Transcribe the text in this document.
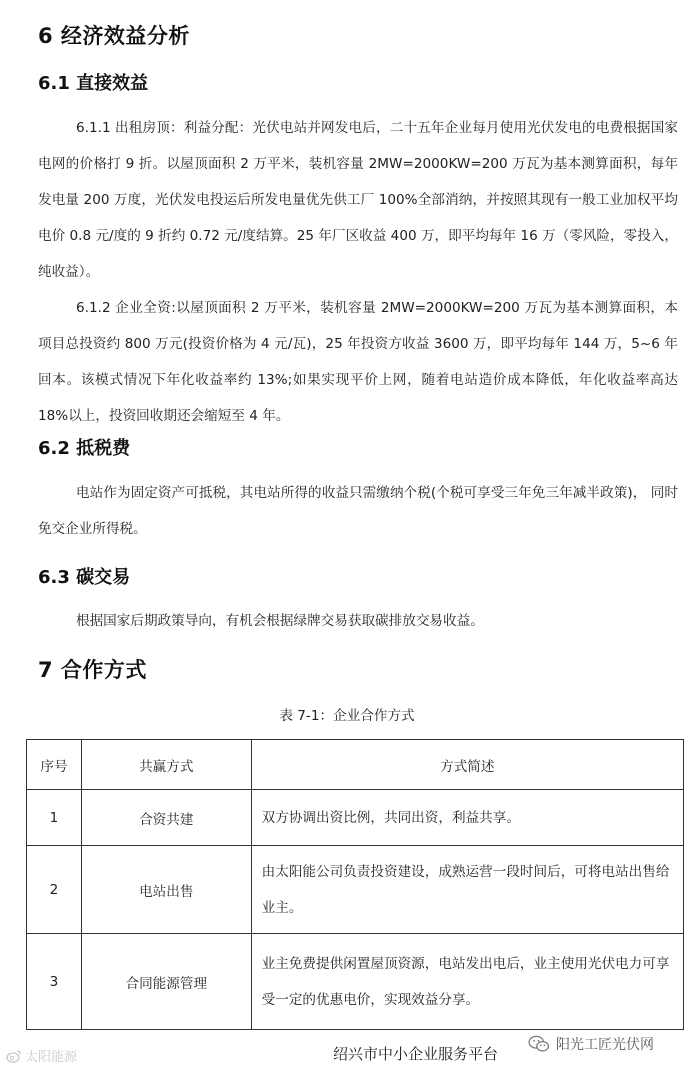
6 经济效益分析
6.1 直接效益

6.1.1 出租房顶：利益分配：光伏电站并网发电后，二十五年企业每月使用光伏发电的电费根据国家电网的价格打 9 折。以屋顶面积 2 万平米，装机容量 2MW=2000KW=200 万瓦为基本测算面积，每年发电量 200 万度，光伏发电投运后所发电量优先供工厂 100%全部消纳，并按照其现有一般工业加权平均电价 0.8 元/度的 9 折约 0.72 元/度结算。25 年厂区收益 400 万，即平均每年 16 万（零风险，零投入，纯收益）。

6.1.2 企业全资:以屋顶面积 2 万平米，装机容量 2MW=2000KW=200 万瓦为基本测算面积，本项目总投资约 800 万元(投资价格为 4 元/瓦)，25 年投资方收益 3600 万，即平均每年 144 万，5~6 年回本。该模式情况下年化收益率约 13%;如果实现平价上网，随着电站造价成本降低，年化收益率高达 18%以上，投资回收期还会缩短至 4 年。

6.2 抵税费

电站作为固定资产可抵税，其电站所得的收益只需缴纳个税(个税可享受三年免三年减半政策)， 同时免交企业所得税。

6.3 碳交易

根据国家后期政策导向，有机会根据绿牌交易获取碳排放交易收益。

7 合作方式
表 7-1：企业合作方式
序号	共赢方式	方式简述
1	合资共建	双方协调出资比例，共同出资，利益共享。
2	电站出售	由太阳能公司负责投资建设，成熟运营一段时间后，可将电站出售给业主。
3	合同能源管理	业主免费提供闲置屋顶资源，电站发出电后，业主使用光伏电力可享受一定的优惠电价，实现效益分享。
阳光工匠光伏网
绍兴市中小企业服务平台
太阳能源
